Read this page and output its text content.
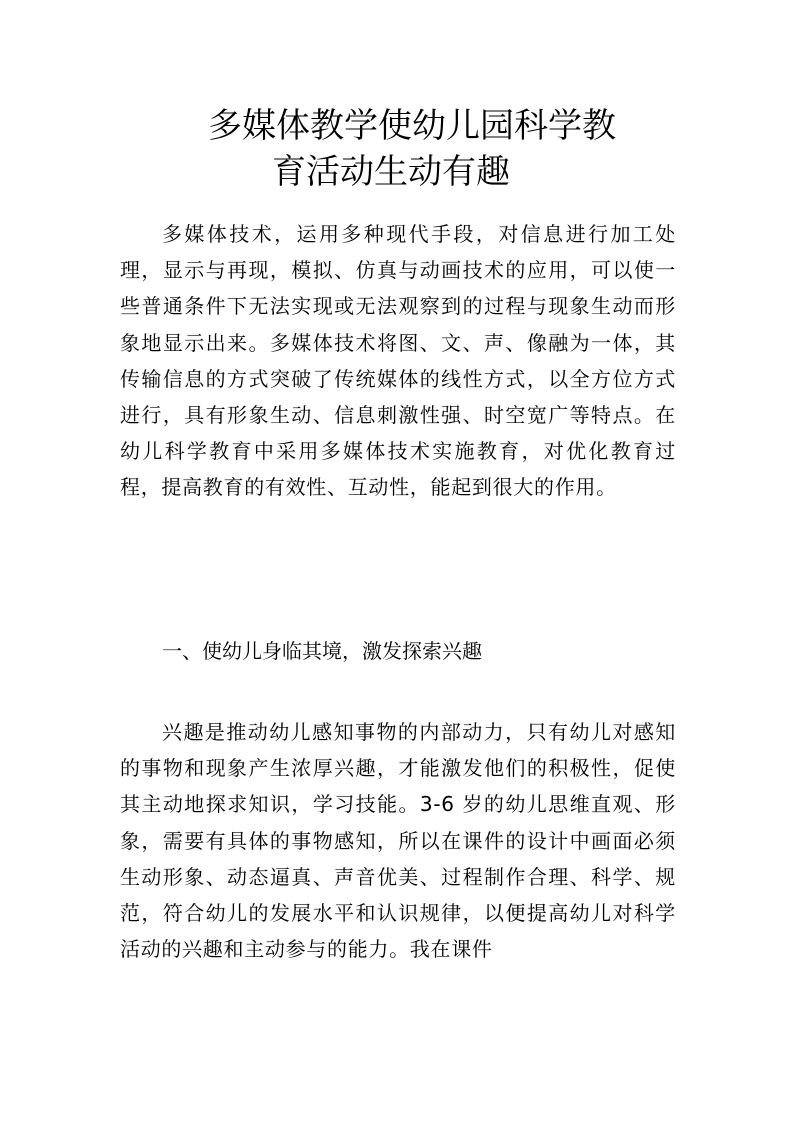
多媒体教学使幼儿园科学教
育活动生动有趣

多媒体技术，运用多种现代手段，对信息进行加工处理，显示与再现，模拟、仿真与动画技术的应用，可以使一些普通条件下无法实现或无法观察到的过程与现象生动而形象地显示出来。多媒体技术将图、文、声、像融为一体，其传输信息的方式突破了传统媒体的线性方式，以全方位方式进行，具有形象生动、信息刺激性强、时空宽广等特点。在幼儿科学教育中采用多媒体技术实施教育，对优化教育过程，提高教育的有效性、互动性，能起到很大的作用。

一、使幼儿身临其境，激发探索兴趣

兴趣是推动幼儿感知事物的内部动力，只有幼儿对感知的事物和现象产生浓厚兴趣，才能激发他们的积极性，促使其主动地探求知识，学习技能。3-6 岁的幼儿思维直观、形象，需要有具体的事物感知，所以在课件的设计中画面必须生动形象、动态逼真、声音优美、过程制作合理、科学、规范，符合幼儿的发展水平和认识规律，以便提高幼儿对科学活动的兴趣和主动参与的能力。我在课件
